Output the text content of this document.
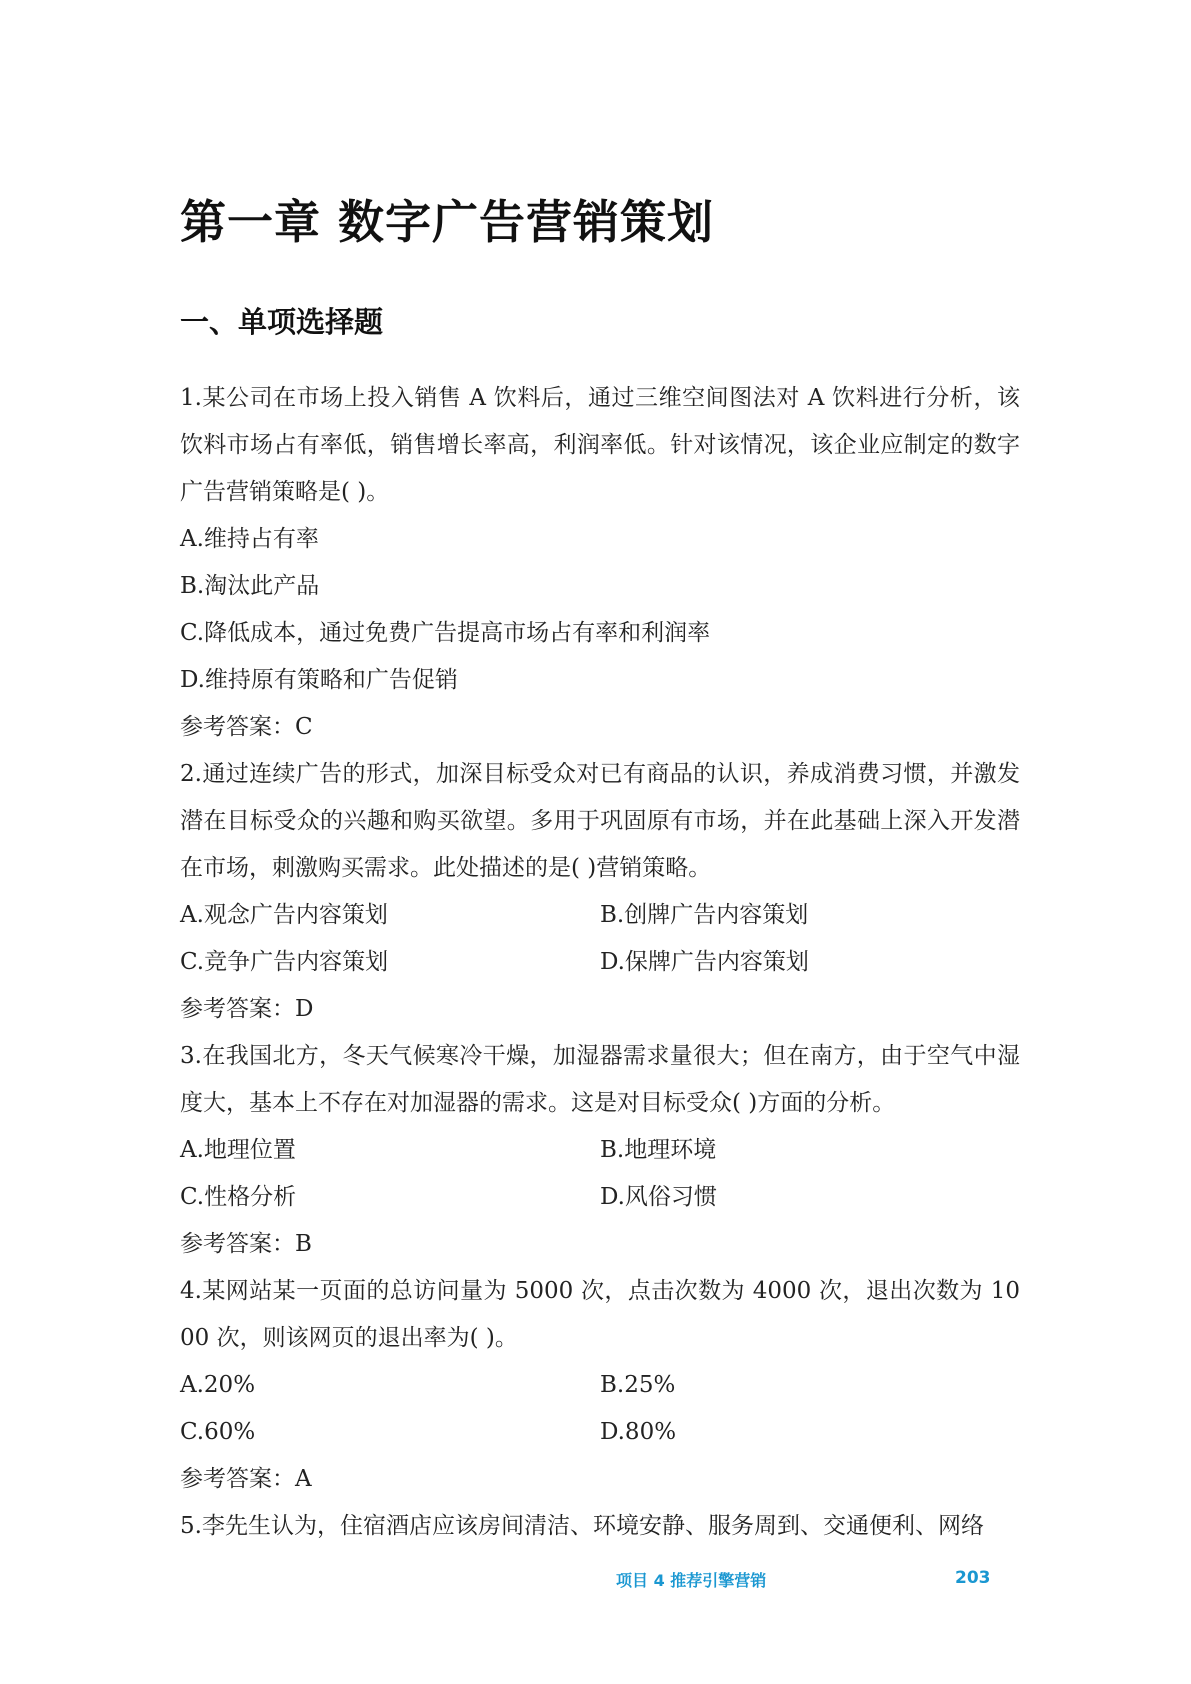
第一章 数字广告营销策划
一、单项选择题

1.某公司在市场上投入销售 A 饮料后，通过三维空间图法对 A 饮料进行分析，该饮料市场占有率低，销售增长率高，利润率低。针对该情况，该企业应制定的数字广告营销策略是( )。

A.维持占有率

B.淘汰此产品

C.降低成本，通过免费广告提高市场占有率和利润率

D.维持原有策略和广告促销

参考答案：C

2.通过连续广告的形式，加深目标受众对已有商品的认识，养成消费习惯，并激发潜在目标受众的兴趣和购买欲望。多用于巩固原有市场，并在此基础上深入开发潜在市场，刺激购买需求。此处描述的是( )营销策略。

A.观念广告内容策划	B.创牌广告内容策划
C.竞争广告内容策划	D.保牌广告内容策划

参考答案：D

3.在我国北方，冬天气候寒冷干燥，加湿器需求量很大；但在南方，由于空气中湿度大，基本上不存在对加湿器的需求。这是对目标受众( )方面的分析。

A.地理位置	B.地理环境
C.性格分析	D.风俗习惯

参考答案：B

4.某网站某一页面的总访问量为 5000 次，点击次数为 4000 次，退出次数为 1000 次，则该网页的退出率为( )。

A.20%	B.25%
C.60%	D.80%

参考答案：A

5.李先生认为，住宿酒店应该房间清洁、环境安静、服务周到、交通便利、网络

项目 4 推荐引擎营销	203
